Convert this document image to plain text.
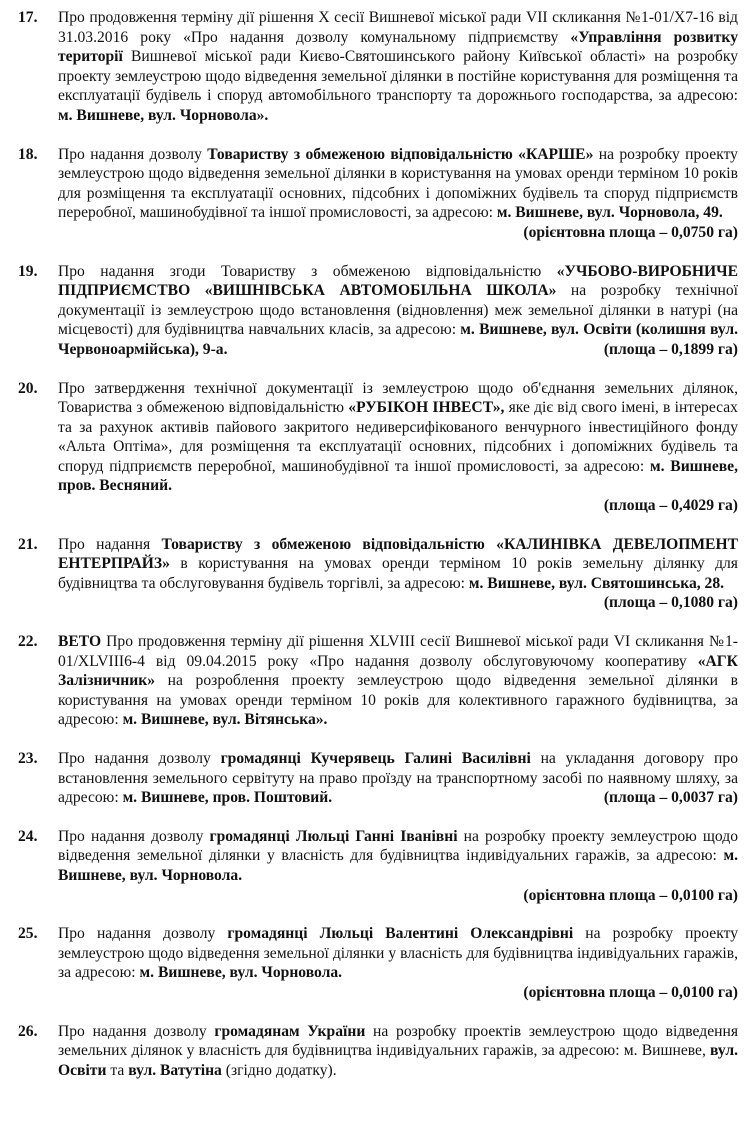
17.	Про продовження терміну дії рішення Х сесії Вишневої міської ради VII скликання №1-01/Х7-16 від 31.03.2016 року «Про надання дозволу комунальному підприємству «Управління розвитку території Вишневої міської ради Києво-Святошинського району Київської області» на розробку проекту землеустрою щодо відведення земельної ділянки в постійне користування для розміщення та експлуатації будівель і споруд автомобільного транспорту та дорожнього господарства, за адресою: м. Вишневе, вул. Чорновола».
18.	Про надання дозволу Товариству з обмеженою відповідальністю «КАРШЕ» на розробку проекту землеустрою щодо відведення земельної ділянки в користування на умовах оренди терміном 10 років для розміщення та експлуатації основних, підсобних і допоміжних будівель та споруд підприємств переробної, машинобудівної та іншої промисловості, за адресою: м. Вишневе, вул. Чорновола, 49.
(орієнтовна площа – 0,0750 га)
19.	Про надання згоди Товариству з обмеженою відповідальністю «УЧБОВО-ВИРОБНИЧЕ ПІДПРИЄМСТВО «ВИШНІВСЬКА АВТОМОБІЛЬНА ШКОЛА» на розробку технічної документації із землеустрою щодо встановлення (відновлення) меж земельної ділянки в натурі (на місцевості) для будівництва навчальних класів, за адресою: м. Вишневе, вул. Освіти (колишня вул. Червоноармійська), 9-а.	(площа – 0,1899 га)
20.	Про затвердження технічної документації із землеустрою щодо об'єднання земельних ділянок, Товариства з обмеженою відповідальністю «РУБІКОН ІНВЕСТ», яке діє від свого імені, в інтересах та за рахунок активів пайового закритого недиверсифікованого венчурного інвестиційного фонду «Альта Оптіма», для розміщення та експлуатації основних, підсобних і допоміжних будівель та споруд підприємств переробної, машинобудівної та іншої промисловості, за адресою: м. Вишневе, пров. Весняний.
(площа – 0,4029 га)
21.	Про надання Товариству з обмеженою відповідальністю «КАЛИНІВКА ДЕВЕЛОПМЕНТ ЕНТЕРПРАЙЗ» в користування на умовах оренди терміном 10 років земельну ділянку для будівництва та обслуговування будівель торгівлі, за адресою: м. Вишневе, вул. Святошинська, 28.
(площа – 0,1080 га)
22.	ВЕТО Про продовження терміну дії рішення XLVIII сесії Вишневої міської ради VI скликання №1-01/XLVIII6-4 від 09.04.2015 року «Про надання дозволу обслуговуючому кооперативу «АГК Залізничник» на розроблення проекту землеустрою щодо відведення земельної ділянки в користування на умовах оренди терміном 10 років для колективного гаражного будівництва, за адресою: м. Вишневе, вул. Вітянська».
23.	Про надання дозволу громадянці Кучерявець Галині Василівні на укладання договору про встановлення земельного сервітуту на право проїзду на транспортному засобі по наявному шляху, за адресою: м. Вишневе, пров. Поштовий.	(площа – 0,0037 га)
24.	Про надання дозволу громадянці Люльці Ганні Іванівні на розробку проекту землеустрою щодо відведення земельної ділянки у власність для будівництва індивідуальних гаражів, за адресою: м. Вишневе, вул. Чорновола.
(орієнтовна площа – 0,0100 га)
25.	Про надання дозволу громадянці Люльці Валентині Олександрівні на розробку проекту землеустрою щодо відведення земельної ділянки у власність для будівництва індивідуальних гаражів, за адресою: м. Вишневе, вул. Чорновола.
(орієнтовна площа – 0,0100 га)
26.	Про надання дозволу громадянам України на розробку проектів землеустрою щодо відведення земельних ділянок у власність для будівництва індивідуальних гаражів, за адресою: м. Вишневе, вул. Освіти та вул. Ватутіна (згідно додатку).
